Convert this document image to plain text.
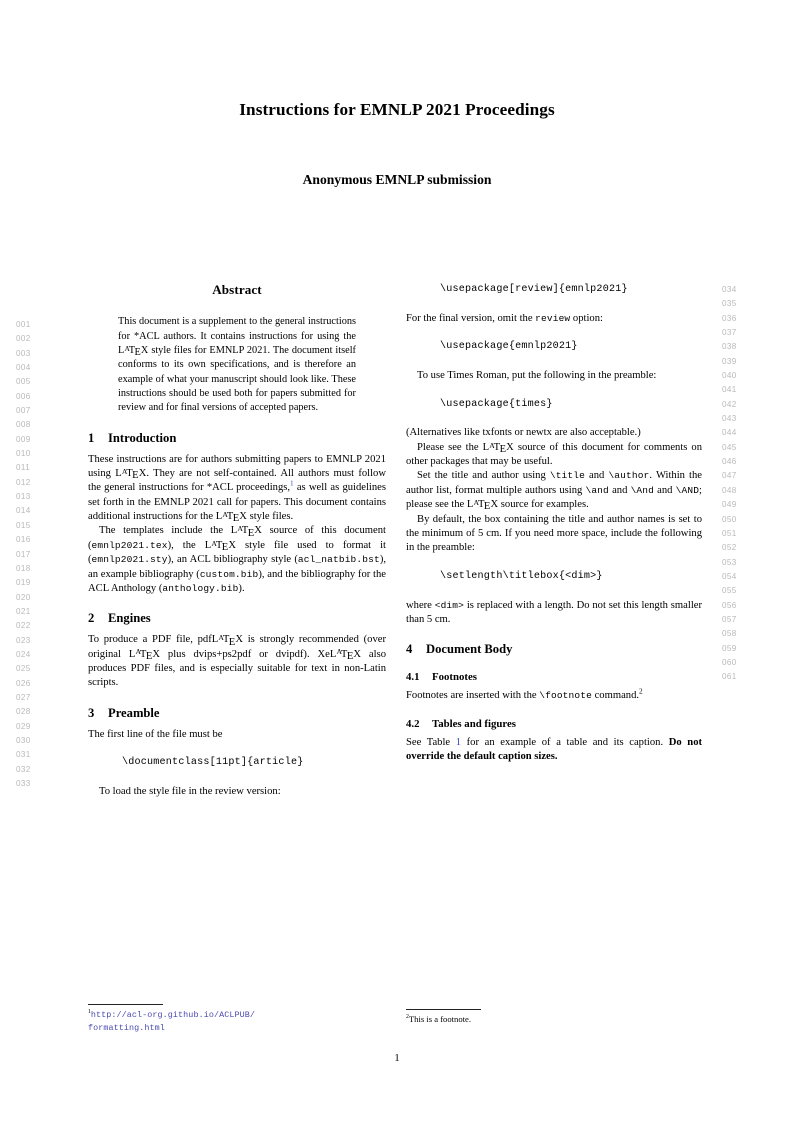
Instructions for EMNLP 2021 Proceedings
Anonymous EMNLP submission
001
002
003
004
005
006
007
008
009
010
011
012
013
014
015
016
017
018
019
020
021
022
023
024
025
026
027
028
029
030
031
032
033
034
035
036
037
038
039
040
041
042
043
044
045
046
047
048
049
050
051
052
053
054
055
056
057
058
059
060
061
Abstract
This document is a supplement to the general instructions for *ACL authors. It contains instructions for using the $L^ATEX$ style files for EMNLP 2021. The document itself conforms to its own specifications, and is therefore an example of what your manuscript should look like. These instructions should be used both for papers submitted for review and for final versions of accepted papers.
1 Introduction

These instructions are for authors submitting papers to EMNLP 2021 using $L^ATEX$. They are not self-contained. All authors must follow the general instructions for *ACL proceedings,$^1$ as well as guidelines set forth in the EMNLP 2021 call for papers. This document contains additional instructions for the $L^ATEX$ style files.

The templates include the $L^ATEX$ source of this document (emnlp2021.tex), the $L^ATEX$ style file used to format it (emnlp2021.sty), an ACL bibliography style (acl_natbib.bst), an example bibliography (custom.bib), and the bibliography for the ACL Anthology (anthology.bib).

2 Engines

To produce a PDF file, pdfL$^A$TEX is strongly recommended (over original $L^ATEX$ plus dvips+ps2pdf or dvipdf). XeL$^A$TEX also produces PDF files, and is especially suitable for text in non-Latin scripts.

3 Preamble

The first line of the file must be

\documentclass[11pt]{article}

To load the style file in the review version:

\usepackage[review]{emnlp2021}

For the final version, omit the review option:

\usepackage{emnlp2021}

To use Times Roman, put the following in the preamble:

\usepackage{times}

(Alternatives like txfonts or newtx are also acceptable.)

Please see the $L^ATEX$ source of this document for comments on other packages that may be useful.

Set the title and author using \title and \author. Within the author list, format multiple authors using \and and \And and \AND; please see the $L^ATEX$ source for examples.

By default, the box containing the title and author names is set to the minimum of 5 cm. If you need more space, include the following in the preamble:

\setlength\titlebox{<dim>}

where <dim> is replaced with a length. Do not set this length smaller than 5 cm.

4 Document Body
4.1 Footnotes

Footnotes are inserted with the \footnote command.$^2$

4.2 Tables and figures

See Table 1 for an example of a table and its caption. Do not override the default caption sizes.

$^1$http://acl-org.github.io/ACLPUB/
formatting.html
$^2$This is a footnote.
1
